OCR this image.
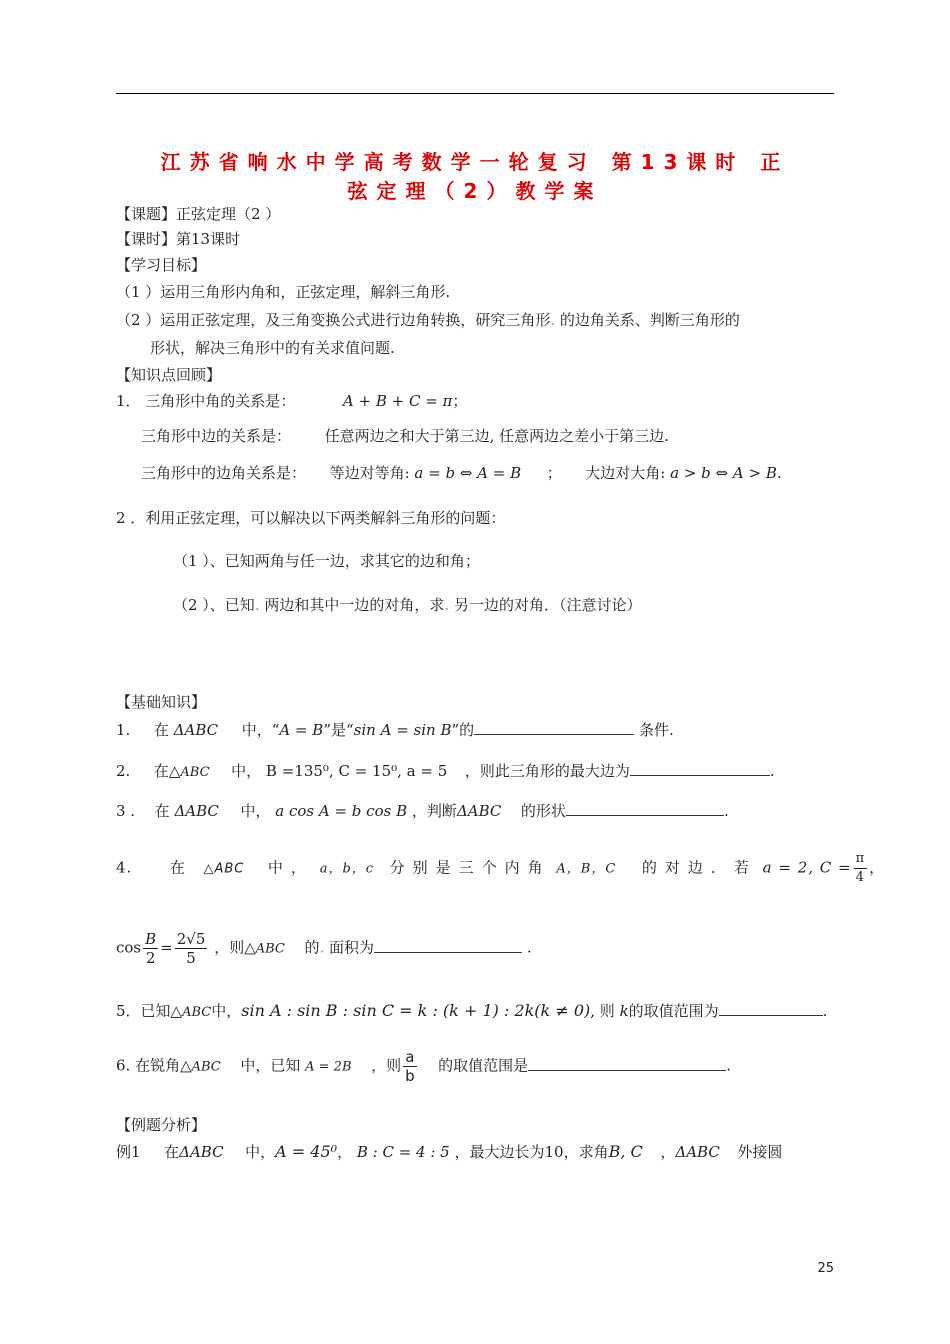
江苏省响水中学高考数学一轮复习 第13课时 正
弦定理（2）教学案
【课题】正弦定理（2 ）
【课时】第13课时
【学习目标】
（1 ）运用三角形内角和，正弦定理，解斜三角形.
（2 ）运用正弦定理，及三角变换公式进行边角转换，研究三角形. 的边角关系、判断三角形的
形状，解决三角形中的有关求值问题.
【知识点回顾】
1． 三角形中角的关系是：	A + B + C = π；
三角形中边的关系是： 任意两边之和大于第三边, 任意两边之差小于第三边.
三角形中的边角关系是： 等边对等角: a = b ⇔ A = B ； 大边对大角: a > b ⇔ A > B.
2 ．利用正弦定理，可以解决以下两类解斜三角形的问题：
（1 ）、已知两角与任一边，求其它的边和角；
（2 ）、已知. 两边和其中一边的对角，求. 另一边的对角．（注意讨论）
【基础知识】
1. 在 ΔABC 中，“A = B”是“sin A = sin B”的	条件.
2. 在△ABC 中， B =135⁰, C = 15⁰, a = 5 ，则此三角形的最大边为	.
3 . 在 ΔABC 中， a cos A = b cos B ，判断ΔABC 的形状	.
4.	在 △ABC 中， a，b，c 分别是三个内角 A，B，C 的对边．若 a = 2, $C = \frac{\pi}{4}$ ，
$\cos \frac{B}{2} = \frac{2√5}{5}$ ，则△ABC 的. 面积为	.
5．已知△ABC中，sin A : sin B : sin C = k : (k + 1) : 2k(k ≠ 0), 则 k的取值范围为	.
6. 在锐角△ABC 中，已知 A = 2B ，则 $\frac{a}{b}$ 的取值范围是	.
【例题分析】
例1 在ΔABC 中，A = 45⁰， B : C = 4 : 5 ，最大边长为10，求角B, C ，ΔABC 外接圆
25
